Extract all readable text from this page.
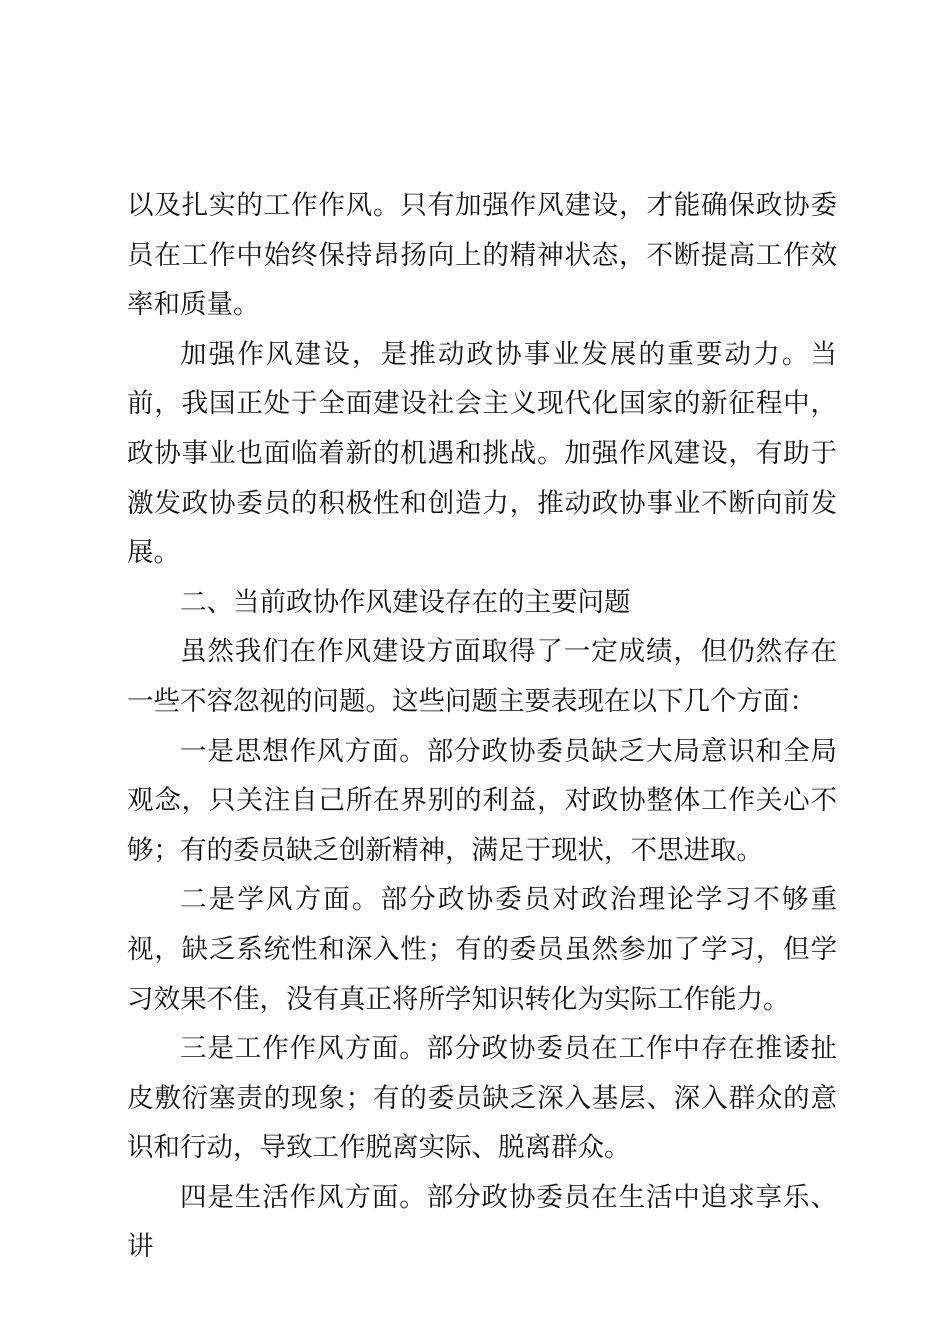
以及扎实的工作作风。只有加强作风建设，才能确保政协委员在工作中始终保持昂扬向上的精神状态，不断提高工作效率和质量。

加强作风建设，是推动政协事业发展的重要动力。当前，我国正处于全面建设社会主义现代化国家的新征程中，政协事业也面临着新的机遇和挑战。加强作风建设，有助于激发政协委员的积极性和创造力，推动政协事业不断向前发展。

二、当前政协作风建设存在的主要问题

虽然我们在作风建设方面取得了一定成绩，但仍然存在一些不容忽视的问题。这些问题主要表现在以下几个方面：

一是思想作风方面。部分政协委员缺乏大局意识和全局观念，只关注自己所在界别的利益，对政协整体工作关心不够；有的委员缺乏创新精神，满足于现状，不思进取。

二是学风方面。部分政协委员对政治理论学习不够重视，缺乏系统性和深入性；有的委员虽然参加了学习，但学习效果不佳，没有真正将所学知识转化为实际工作能力。

三是工作作风方面。部分政协委员在工作中存在推诿扯皮敷衍塞责的现象；有的委员缺乏深入基层、深入群众的意识和行动，导致工作脱离实际、脱离群众。

四是生活作风方面。部分政协委员在生活中追求享乐、讲
